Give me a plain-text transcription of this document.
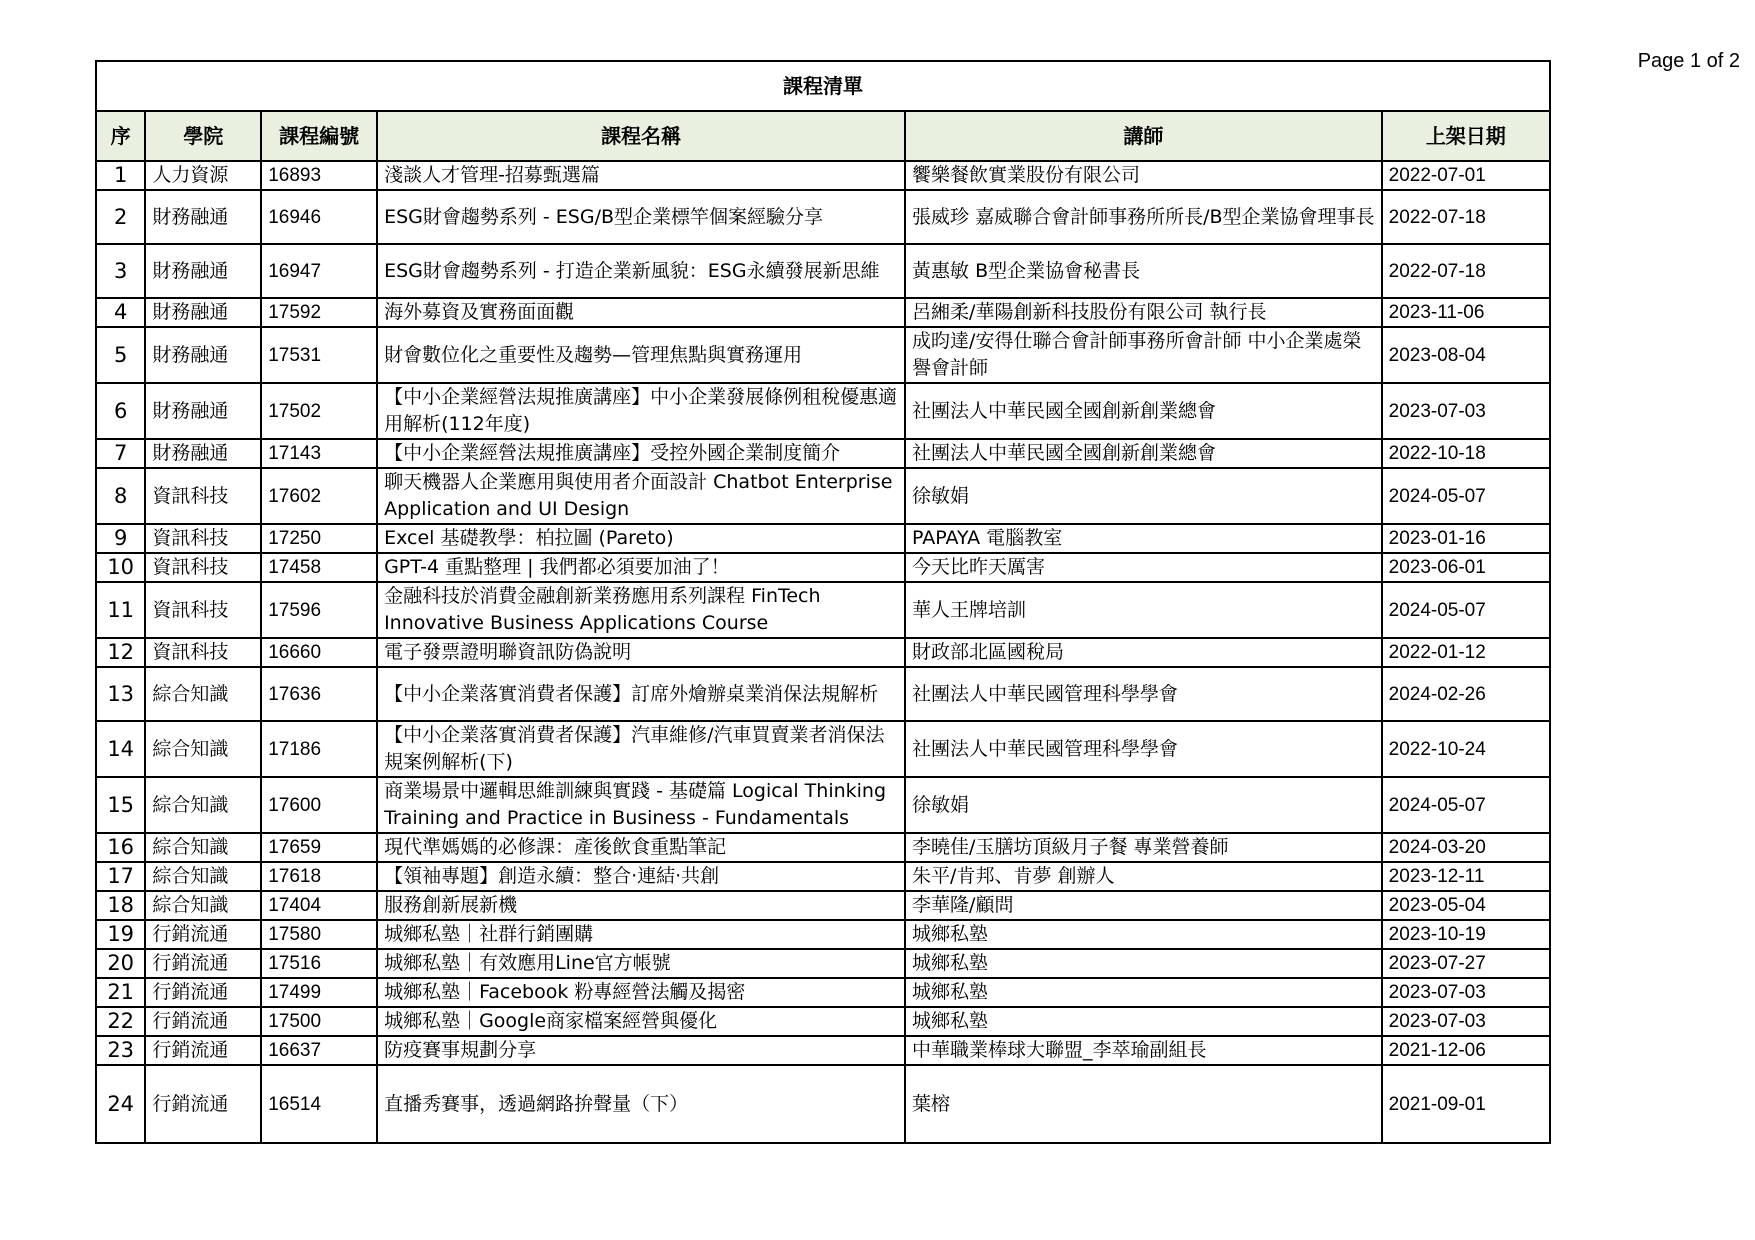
Page 1 of 2
課程清單					
序	學院	課程編號	課程名稱	講師	上架日期
1	人力資源	16893	淺談人才管理-招募甄選篇	饗樂餐飲實業股份有限公司	2022-07-01
2	財務融通	16946	ESG財會趨勢系列 - ESG/B型企業標竿個案經驗分享	張威珍 嘉威聯合會計師事務所所長/B型企業協會理事長	2022-07-18
3	財務融通	16947	ESG財會趨勢系列 - 打造企業新風貌：ESG永續發展新思維	黃惠敏 B型企業協會秘書長	2022-07-18
4	財務融通	17592	海外募資及實務面面觀	呂緗柔/華陽創新科技股份有限公司 執行長	2023-11-06
5	財務融通	17531	財會數位化之重要性及趨勢—管理焦點與實務運用	成昀達/安得仕聯合會計師事務所會計師 中小企業處榮譽會計師	2023-08-04
6	財務融通	17502	【中小企業經營法規推廣講座】中小企業發展條例租稅優惠適用解析(112年度)	社團法人中華民國全國創新創業總會	2023-07-03
7	財務融通	17143	【中小企業經營法規推廣講座】受控外國企業制度簡介	社團法人中華民國全國創新創業總會	2022-10-18
8	資訊科技	17602	聊天機器人企業應用與使用者介面設計 Chatbot Enterprise Application and UI Design	徐敏娟	2024-05-07
9	資訊科技	17250	Excel 基礎教學：柏拉圖 (Pareto)	PAPAYA 電腦教室	2023-01-16
10	資訊科技	17458	GPT-4 重點整理 | 我們都必須要加油了！	今天比昨天厲害	2023-06-01
11	資訊科技	17596	金融科技於消費金融創新業務應用系列課程 FinTech Innovative Business Applications Course	華人王牌培訓	2024-05-07
12	資訊科技	16660	電子發票證明聯資訊防偽說明	財政部北區國稅局	2022-01-12
13	綜合知識	17636	【中小企業落實消費者保護】訂席外燴辦桌業消保法規解析	社團法人中華民國管理科學學會	2024-02-26
14	綜合知識	17186	【中小企業落實消費者保護】汽車維修/汽車買賣業者消保法規案例解析(下)	社團法人中華民國管理科學學會	2022-10-24
15	綜合知識	17600	商業場景中邏輯思維訓練與實踐 - 基礎篇 Logical Thinking Training and Practice in Business - Fundamentals	徐敏娟	2024-05-07
16	綜合知識	17659	現代準媽媽的必修課：產後飲食重點筆記	李曉佳/玉膳坊頂級月子餐 專業營養師	2024-03-20
17	綜合知識	17618	【領袖專題】創造永續：整合‧連結‧共創	朱平/肯邦、肯夢 創辦人	2023-12-11
18	綜合知識	17404	服務創新展新機	李華隆/顧問	2023-05-04
19	行銷流通	17580	城鄉私塾｜社群行銷團購	城鄉私塾	2023-10-19
20	行銷流通	17516	城鄉私塾｜有效應用Line官方帳號	城鄉私塾	2023-07-27
21	行銷流通	17499	城鄉私塾｜Facebook 粉專經營法觸及揭密	城鄉私塾	2023-07-03
22	行銷流通	17500	城鄉私塾｜Google商家檔案經營與優化	城鄉私塾	2023-07-03
23	行銷流通	16637	防疫賽事規劃分享	中華職業棒球大聯盟_李萃瑜副組長	2021-12-06
24	行銷流通	16514	直播秀賽事，透過網路拚聲量（下）	葉榕	2021-09-01
